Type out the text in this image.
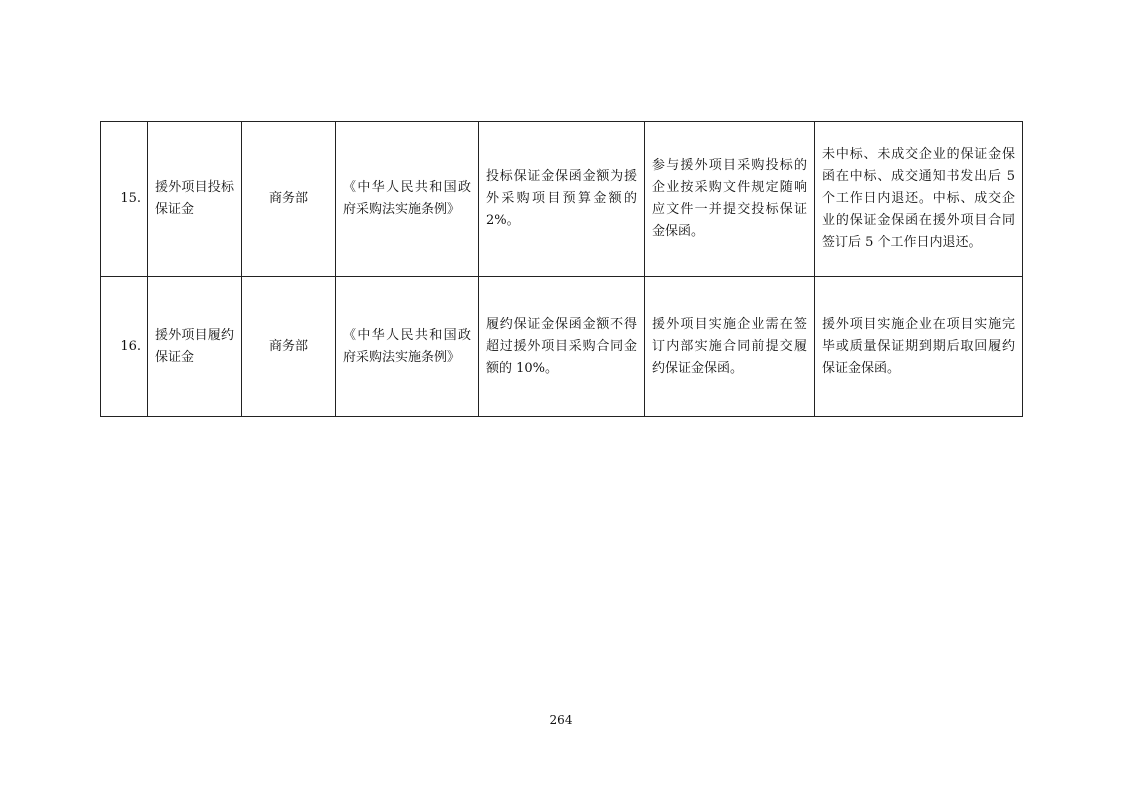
15.	援外项目投标保证金	商务部	《中华人民共和国政府采购法实施条例》	投标保证金保函金额为援外采购项目预算金额的 2%。	参与援外项目采购投标的企业按采购文件规定随响应文件一并提交投标保证金保函。	未中标、未成交企业的保证金保函在中标、成交通知书发出后 5 个工作日内退还。中标、成交企业的保证金保函在援外项目合同签订后 5 个工作日内退还。
16.	援外项目履约保证金	商务部	《中华人民共和国政府采购法实施条例》	履约保证金保函金额不得超过援外项目采购合同金额的 10%。	援外项目实施企业需在签订内部实施合同前提交履约保证金保函。	援外项目实施企业在项目实施完毕或质量保证期到期后取回履约保证金保函。
264
